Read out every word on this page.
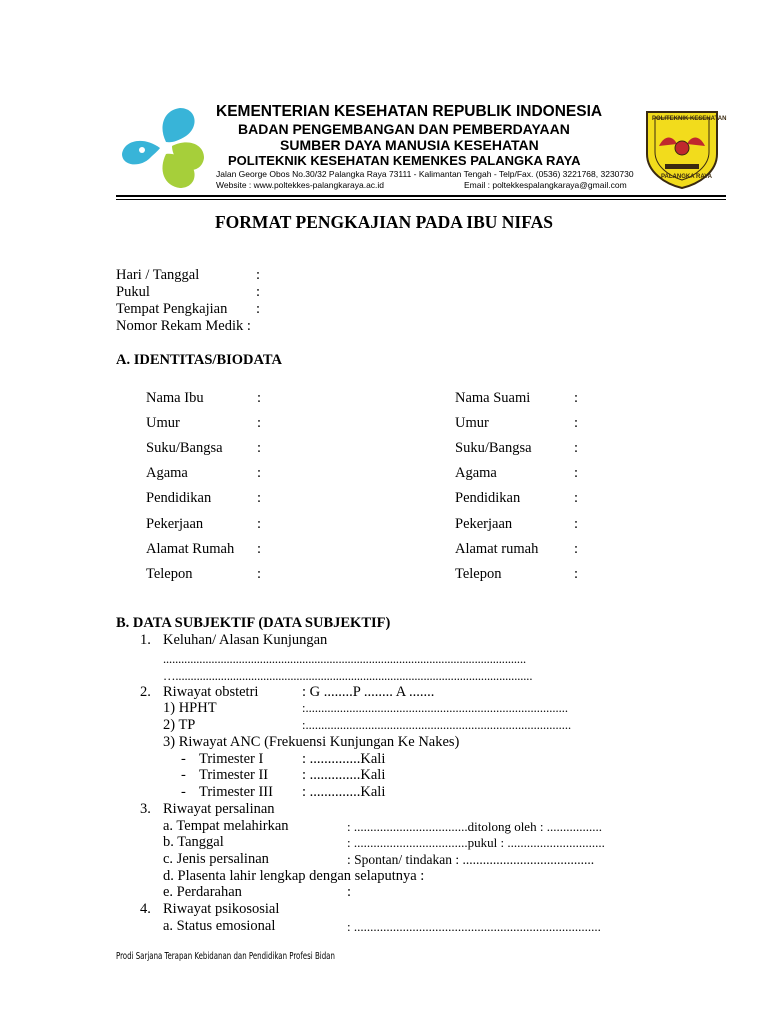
KEMENTERIAN KESEHATAN REPUBLIK INDONESIA
BADAN PENGEMBANGAN DAN PEMBERDAYAAN
SUMBER DAYA MANUSIA KESEHATAN
POLITEKNIK KESEHATAN KEMENKES PALANGKA RAYA
Jalan George Obos No.30/32 Palangka Raya 73111 - Kalimantan Tengah - Telp/Fax. (0536) 3221768, 3230730
Website : www.poltekkes-palangkaraya.ac.id	Email : poltekkespalangkaraya@gmail.com
POLITEKNIK KESEHATAN
PALANGKA RAYA
FORMAT PENGKAJIAN PADA IBU NIFAS
Hari / Tanggal	:
Pukul	:
Tempat Pengkajian :
Nomor Rekam Medik :
A. IDENTITAS/BIODATA
Nama Ibu	:	Nama Suami	:
Umur	:	Umur	:
Suku/Bangsa :	Suku/Bangsa	:
Agama	:	Agama	:
Pendidikan	:	Pendidikan	:
Pekerjaan	:	Pekerjaan	:
Alamat Rumah :	Alamat rumah :
Telepon	:	Telepon	:
B. DATA SUBJEKTIF (DATA SUBJEKTIF)
1. Keluhan/ Alasan Kunjungan
........................................................................................................................
…......................................................................................................................
2. Riwayat obstetri	: G ........P ........ A .......
1) HPHT	:....................................................................................
2) TP	:.....................................................................................
3) Riwayat ANC (Frekuensi Kunjungan Ke Nakes)
- Trimester I	: ..............Kali
- Trimester II : ..............Kali
- Trimester III : ..............Kali
3. Riwayat persalinan
a. Tempat melahirkan	: ...................................ditolong oleh : .................
b. Tanggal	: ...................................pukul : ..............................
c. Jenis persalinan	: Spontan/ tindakan : .......................................
d. Plasenta lahir lengkap dengan selaputnya :
e. Perdarahan	:
4. Riwayat psikososial
a. Status emosional	: ............................................................................
Prodi Sarjana Terapan Kebidanan dan Pendidikan Profesi Bidan
